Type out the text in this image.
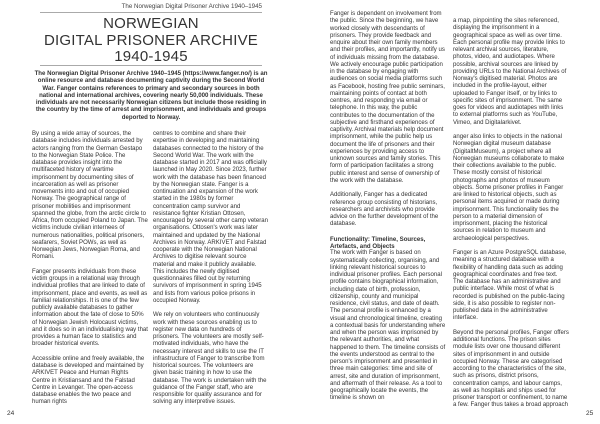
The Norwegian Digital Prisoner Archive 1940–1945
NORWEGIAN
DIGITAL PRISONER ARCHIVE
1940-1945
The Norwegian Digital Prisoner Archive 1940–1945 (https://www.fanger.no/) is an online resource and database documenting captivity during the Second World War. Fanger contains references to primary and secondary sources in both national and international archives, covering nearly 50,000 individuals. These individuals are not necessarily Norwegian citizens but include those residing in the country by the time of arrest and imprisonment, and individuals and groups deported to Norway.

By using a wide array of sources, the database includes individuals arrested by actors ranging from the German Gestapo to the Norwegian State Police. The database provides insight into the multifaceted history of wartime imprisonment by documenting sites of incarceration as well as prisoner movements into and out of occupied Norway. The geographical range of prisoner mobilities and imprisonment spanned the globe, from the arctic circle to Africa, from occupied Poland to Japan. The victims include civilian internees of numerous nationalities, political prisoners, seafarers, Soviet POWs, as well as Norwegian Jews, Norwegian Roma, and Romani.

Fanger presents individuals from these victim groups in a relational way through individual profiles that are linked to date of imprisonment, place and events, as well as familial relationships. It is one of the few publicly available databases to gather information about the fate of close to 50% of Norwegian Jewish Holocaust victims, and it does so in an individualising way that provides a human face to statistics and broader historical events.

Accessible online and freely available, the database is developed and maintained by ARKIVET Peace and Human Rights Centre in Kristiansand and the Falstad Centre in Levanger. The open-access database enables the two peace and human rights

centres to combine and share their expertise in developing and maintaining databases connected to the history of the Second World War. The work with the database started in 2017 and was officially launched in May 2020. Since 2023, further work with the database has been financed by the Norwegian state. Fanger is a continuation and expansion of the work started in the 1980s by former concentration camp survivor and resistance fighter Kristian Ottosen, encouraged by several other camp veteran organisations. Ottosen's work was later maintained and updated by the National Archives in Norway. ARKIVET and Falstad cooperate with the Norwegian National Archives to digitise relevant source material and make it publicly available. This includes the newly digitised questionnaires filled out by returning survivors of imprisonment in spring 1945 and lists from various police prisons in occupied Norway.

We rely on volunteers who continuously work with these sources enabling us to register new data on hundreds of prisoners. The volunteers are mostly self-motivated individuals, who have the necessary interest and skills to use the IT infrastructure of Fanger to transcribe from historical sources. The volunteers are given basic training in how to use the database. The work is undertaken with the guidance of the Fanger staff, who are responsible for quality assurance and for solving any interpretive issues.

24

Fanger is dependent on involvement from the public. Since the beginning, we have worked closely with descendants of prisoners. They provide feedback and enquire about their own family members and their profiles, and importantly, notify us of individuals missing from the database. We actively encourage public participation in the database by engaging with audiences on social media platforms such as Facebook, hosting free public seminars, maintaining points of contact at both centres, and responding via email or telephone. In this way, the public contributes to the documentation of the subjective and firsthand experiences of captivity. Archival materials help document imprisonment, while the public help us document the life of prisoners and their experiences by providing access to unknown sources and family stories. This form of participation facilitates a strong public interest and sense of ownership of the work with the database.

Additionally, Fanger has a dedicated reference group consisting of historians, researchers and archivists who provide advice on the further development of the database.

Functionality: Timeline, Sources, Artefacts, and Objects

The work with Fanger is based on systematically collecting, organising, and linking relevant historical sources to individual prisoner profiles. Each personal profile contains biographical information, including date of birth, profession, citizenship, county and municipal residence, civil status, and date of death. The personal profile is enhanced by a visual and chronological timeline, creating a contextual basis for understanding where and when the person was imprisoned by the relevant authorities, and what happened to them. The timeline consists of the events understood as central to the person's imprisonment and presented in three main categories: time and site of arrest, site and duration of imprisonment, and aftermath of their release. As a tool to geographically locate the events, the timeline is shown on

a map, pinpointing the sites referenced, displaying the imprisonment in a geographical space as well as over time. Each personal profile may provide links to relevant archival sources, literature, photos, video, and audiotapes. Where possible, archival sources are linked by providing URLs to the National Archives of Norway's digitised material. Photos are included in the profile-layout, either uploaded to Fanger itself, or by links to specific sites of imprisonment. The same goes for videos and audiotapes with links to external platforms such as YouTube, Vimeo, and Digitalarkivet.

anger also links to objects in the national Norwegian digital museum database (DigitaltMuseum), a project where all Norwegian museums collaborate to make their collections available to the public. These mostly consist of historical photographs and photos of museum objects. Some prisoner profiles in Fanger are linked to historical objects, such as personal items acquired or made during imprisonment. This functionality ties the person to a material dimension of imprisonment, placing the historical sources in relation to museum and archaeological perspectives.

Fanger is an Azure PostgreSQL database, meaning a structured database with a flexibility of handling data such as adding geographical coordinates and free text. The database has an administrative and public interface. While most of what is recorded is published on the public-facing side, it is also possible to register non-published data in the administrative interface.

Beyond the personal profiles, Fanger offers additional functions. The prison sites module lists over one thousand different sites of imprisonment in and outside occupied Norway. These are categorised according to the characteristics of the site, such as prisons, district prisons, concentration camps, and labour camps, as well as hospitals and ships used for prisoner transport or confinement, to name a few. Fanger thus takes a broad approach

25
